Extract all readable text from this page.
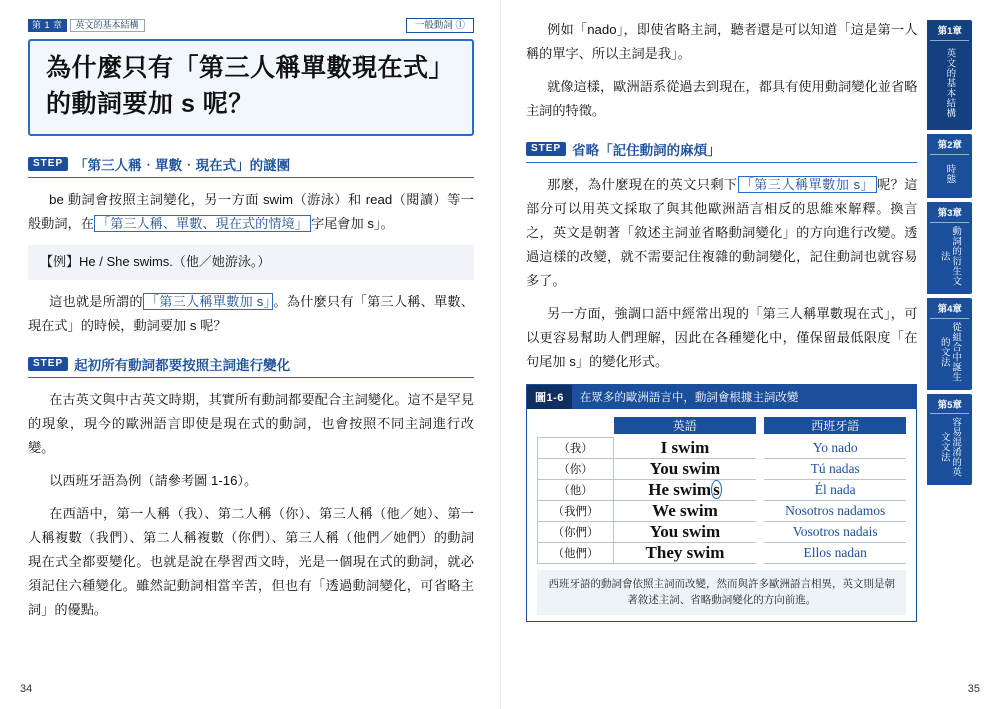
第 1 章	英文的基本結構	一般動詞 ①
為什麼只有「第三人稱單數現在式」的動詞要加 s 呢？
STEP 「第三人稱‧單數‧現在式」的謎團

be 動詞會按照主詞變化，另一方面 swim（游泳）和 read（閱讀）等一般動詞，在 「第三人稱、單數、現在式的情境」 字尾會加 s」。

【例】He / She swims.（他／她游泳。）

這也就是所謂的 「第三人稱單數加 s」 。為什麼只有「第三人稱、單數、現在式」的時候，動詞要加 s 呢？

STEP 起初所有動詞都要按照主詞進行變化

在古英文與中古英文時期，其實所有動詞都要配合主詞變化。這不是罕見的現象，現今的歐洲語言即使是現在式的動詞，也會按照不同主詞進行改變。

以西班牙語為例（請參考圖 1-16）。

在西語中，第一人稱（我）、第二人稱（你）、第三人稱（他／她）、第一人稱複數（我們）、第二人稱複數（你們）、第三人稱（他們／她們）的動詞現在式全都要變化。也就是說在學習西文時，光是一個現在式的動詞，就必須記住六種變化。雖然記動詞相當辛苦，但也有「透過動詞變化，可省略主詞」的優點。

34

例如「nado」，即使省略主詞，聽者還是可以知道「這是第一人稱的單字、所以主詞是我」。

就像這樣，歐洲語系從過去到現在，都具有使用動詞變化並省略主詞的特徵。

STEP 省略「記住動詞的麻煩」

那麼，為什麼現在的英文只剩下 「第三人稱單數加 s」 呢？這部分可以用英文採取了與其他歐洲語言相反的思維來解釋。換言之，英文是朝著「敘述主詞並省略動詞變化」的方向進行改變。透過這樣的改變，就不需要記住複雜的動詞變化，記住動詞也就容易多了。

另一方面，強調口語中經常出現的「第三人稱單數現在式」，可以更容易幫助人們理解，因此在各種變化中，僅保留最低限度「在句尾加 s」的變化形式。

圖1-6	在眾多的歐洲語言中，動詞會根據主詞改變
	英語		西班牙語

（我）	I swim		Yo nado
（你）	You swim		Tú nadas
（他）	He swim s		Él nada
（我們）	We swim		Nosotros nadamos
（你們）	You swim		Vosotros nadais
（他們）	They swim		Ellos nadan
西班牙語的動詞會依照主詞而改變，然而與許多歐洲語言相異，英文則是朝著敘述主詞、省略動詞變化的方向前進。
第1章
英文的基本結構
第2章
時態
第3章
動詞的衍生文法
第4章
從組合中誕生的文法
第5章
容易混淆的英文文法
35
